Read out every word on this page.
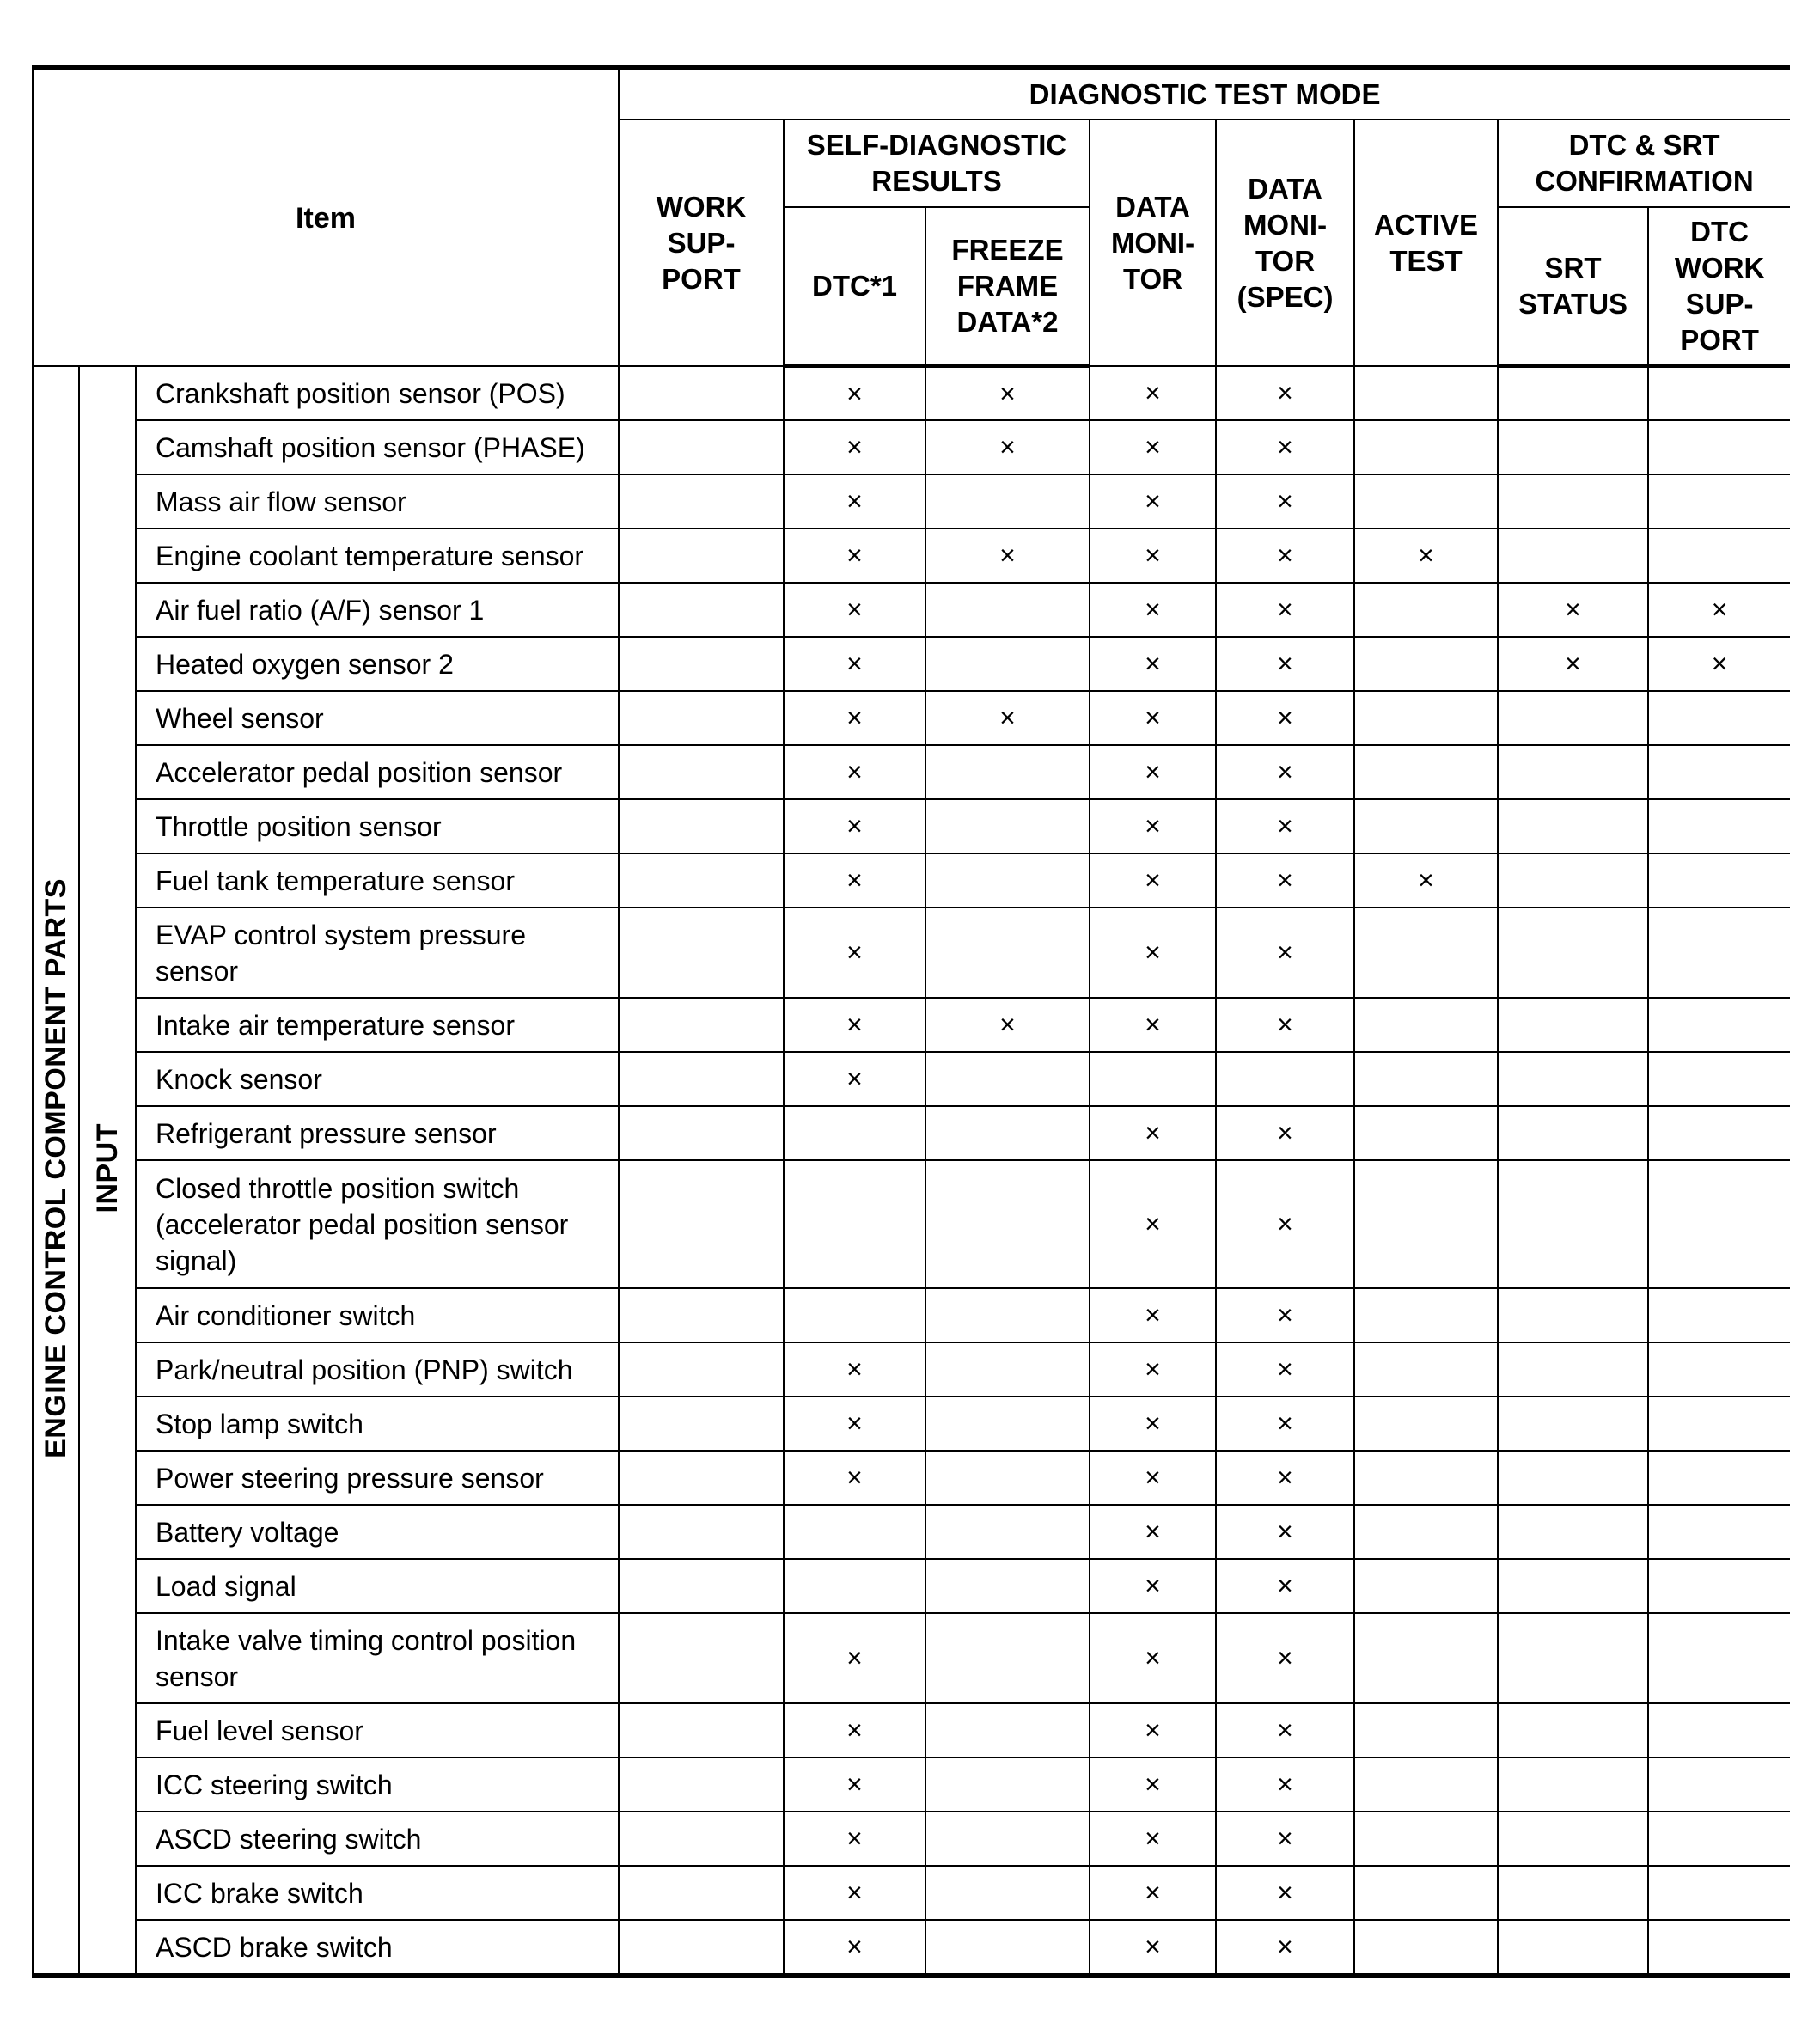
Item			DIAGNOSTIC TEST MODE							
			WORK SUP- PORT	SELF-DIAGNOSTIC RESULTS		DATA MONI- TOR	DATA MONI- TOR (SPEC)	ACTIVE TEST	DTC & SRT CONFIRMATION	
				DTC*1	FREEZE FRAME DATA*2				SRT STATUS	DTC WORK SUP- PORT
ENGINE CONTROL COMPONENT PARTS	INPUT	Crankshaft position sensor (POS)		×	×	×	×			
		Camshaft position sensor (PHASE)		×	×	×	×			
		Mass air flow sensor		×		×	×			
		Engine coolant temperature sensor		×	×	×	×	×		
		Air fuel ratio (A/F) sensor 1		×		×	×		×	×
		Heated oxygen sensor 2		×		×	×		×	×
		Wheel sensor		×	×	×	×			
		Accelerator pedal position sensor		×		×	×			
		Throttle position sensor		×		×	×			
		Fuel tank temperature sensor		×		×	×	×		
		EVAP control system pressure sensor		×		×	×			
		Intake air temperature sensor		×	×	×	×			
		Knock sensor		×						
		Refrigerant pressure sensor				×	×			
		Closed throttle position switch (accelerator pedal position sensor signal)				×	×			
		Air conditioner switch				×	×			
		Park/neutral position (PNP) switch		×		×	×			
		Stop lamp switch		×		×	×			
		Power steering pressure sensor		×		×	×			
		Battery voltage				×	×			
		Load signal				×	×			
		Intake valve timing control position sensor		×		×	×			
		Fuel level sensor		×		×	×			
		ICC steering switch		×		×	×			
		ASCD steering switch		×		×	×			
		ICC brake switch		×		×	×			
		ASCD brake switch		×		×	×			
